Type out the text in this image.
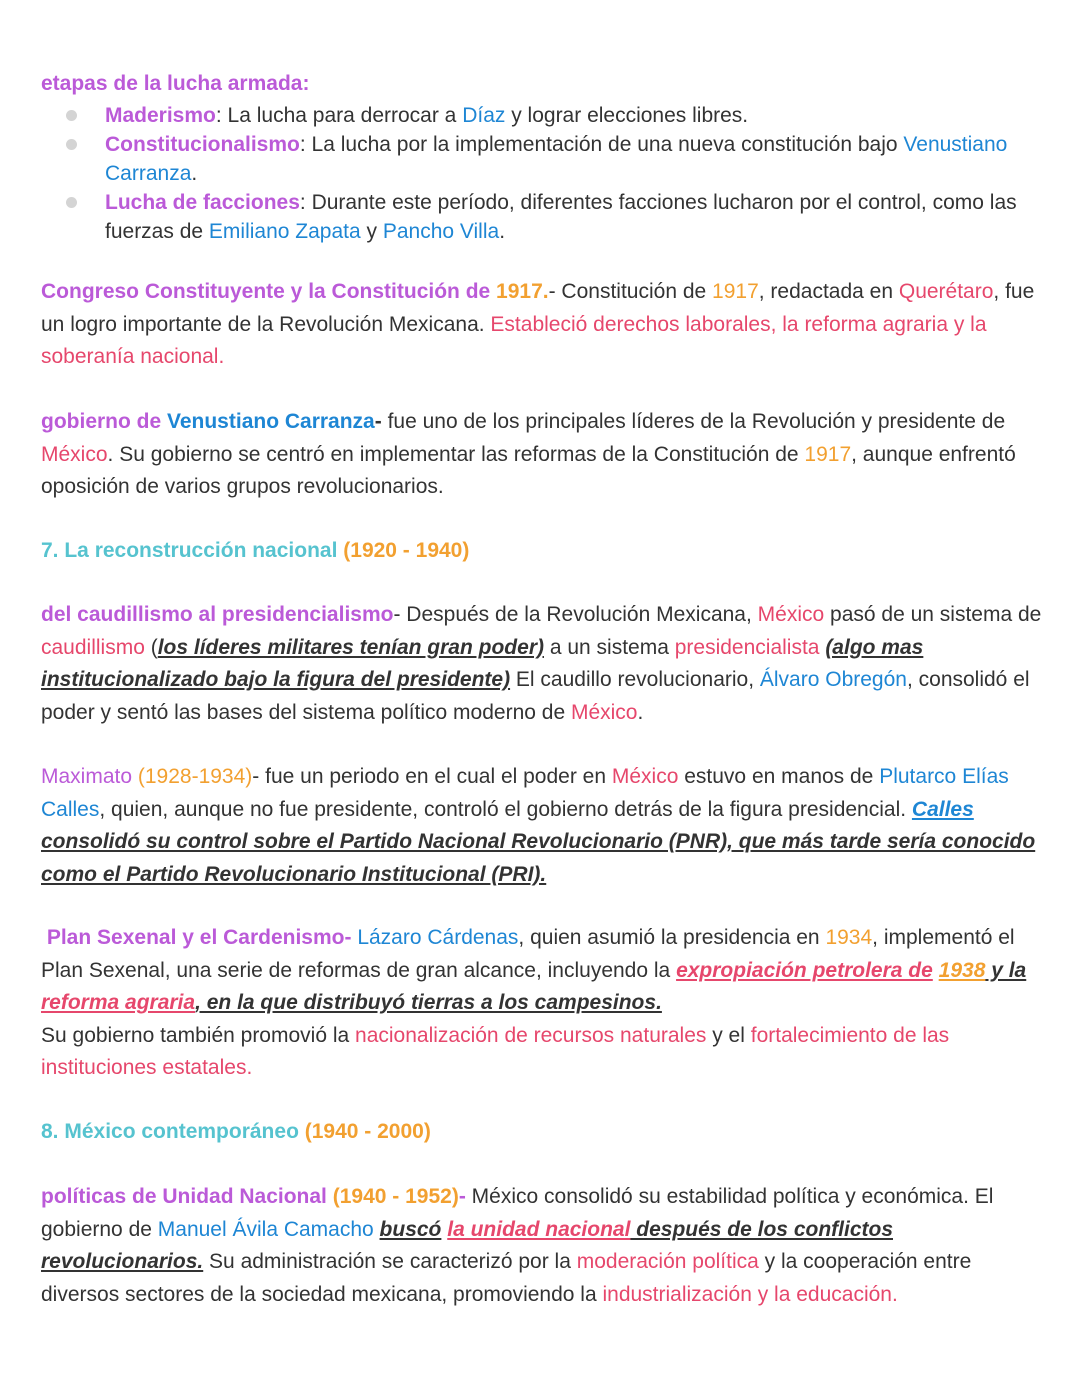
etapas de la lucha armada:
Maderismo: La lucha para derrocar a Díaz y lograr elecciones libres.
Constitucionalismo: La lucha por la implementación de una nueva constitución bajo Venustiano Carranza.
Lucha de facciones: Durante este período, diferentes facciones lucharon por el control, como las fuerzas de Emiliano Zapata y Pancho Villa.

Congreso Constituyente y la Constitución de 1917.- Constitución de 1917, redactada en Querétaro, fue un logro importante de la Revolución Mexicana. Estableció derechos laborales, la reforma agraria y la soberanía nacional.

gobierno de Venustiano Carranza- fue uno de los principales líderes de la Revolución y presidente de México. Su gobierno se centró en implementar las reformas de la Constitución de 1917, aunque enfrentó oposición de varios grupos revolucionarios.

7. La reconstrucción nacional (1920 - 1940)

del caudillismo al presidencialismo- Después de la Revolución Mexicana, México pasó de un sistema de caudillismo (los líderes militares tenían gran poder) a un sistema presidencialista (algo mas institucionalizado bajo la figura del presidente) El caudillo revolucionario, Álvaro Obregón, consolidó el poder y sentó las bases del sistema político moderno de México.

Maximato (1928-1934)- fue un periodo en el cual el poder en México estuvo en manos de Plutarco Elías Calles, quien, aunque no fue presidente, controló el gobierno detrás de la figura presidencial. Calles consolidó su control sobre el Partido Nacional Revolucionario (PNR), que más tarde sería conocido como el Partido Revolucionario Institucional (PRI).

Plan Sexenal y el Cardenismo- Lázaro Cárdenas, quien asumió la presidencia en 1934, implementó el Plan Sexenal, una serie de reformas de gran alcance, incluyendo la expropiación petrolera de 1938 y la reforma agraria, en la que distribuyó tierras a los campesinos.
Su gobierno también promovió la nacionalización de recursos naturales y el fortalecimiento de las instituciones estatales.

8. México contemporáneo (1940 - 2000)

políticas de Unidad Nacional (1940 - 1952)- México consolidó su estabilidad política y económica. El gobierno de Manuel Ávila Camacho buscó la unidad nacional después de los conflictos revolucionarios. Su administración se caracterizó por la moderación política y la cooperación entre diversos sectores de la sociedad mexicana, promoviendo la industrialización y la educación.
